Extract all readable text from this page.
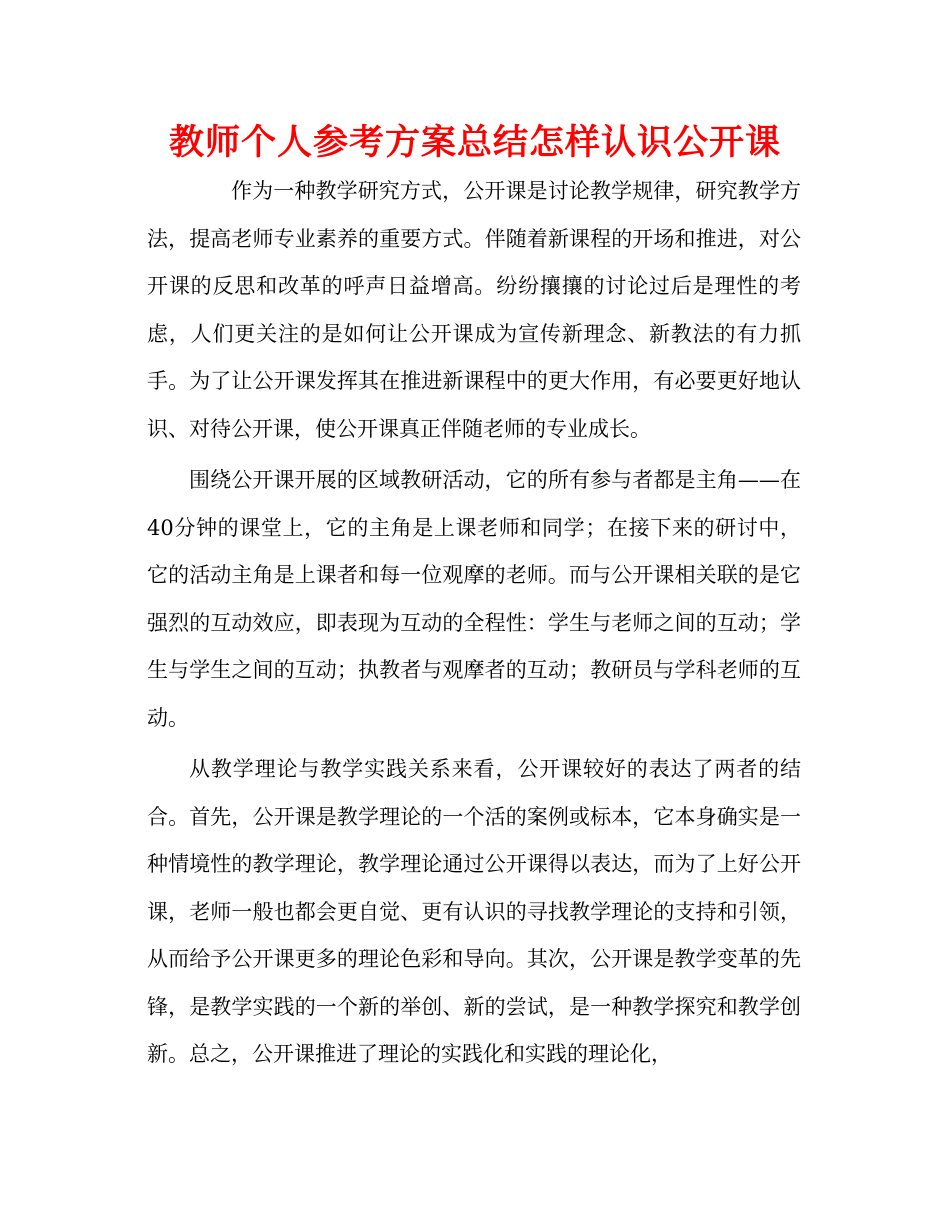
教师个人参考方案总结怎样认识公开课

作为一种教学研究方式，公开课是讨论教学规律，研究教学方法，提高老师专业素养的重要方式。伴随着新课程的开场和推进，对公开课的反思和改革的呼声日益增高。纷纷攘攘的讨论过后是理性的考虑，人们更关注的是如何让公开课成为宣传新理念、新教法的有力抓手。为了让公开课发挥其在推进新课程中的更大作用，有必要更好地认识、对待公开课，使公开课真正伴随老师的专业成长。

围绕公开课开展的区域教研活动，它的所有参与者都是主角——在40分钟的课堂上，它的主角是上课老师和同学；在接下来的研讨中，它的活动主角是上课者和每一位观摩的老师。而与公开课相关联的是它强烈的互动效应，即表现为互动的全程性：学生与老师之间的互动；学生与学生之间的互动；执教者与观摩者的互动；教研员与学科老师的互动。

从教学理论与教学实践关系来看，公开课较好的表达了两者的结合。首先，公开课是教学理论的一个活的案例或标本，它本身确实是一种情境性的教学理论，教学理论通过公开课得以表达，而为了上好公开课，老师一般也都会更自觉、更有认识的寻找教学理论的支持和引领，从而给予公开课更多的理论色彩和导向。其次，公开课是教学变革的先锋，是教学实践的一个新的举创、新的尝试，是一种教学探究和教学创新。总之，公开课推进了理论的实践化和实践的理论化，
